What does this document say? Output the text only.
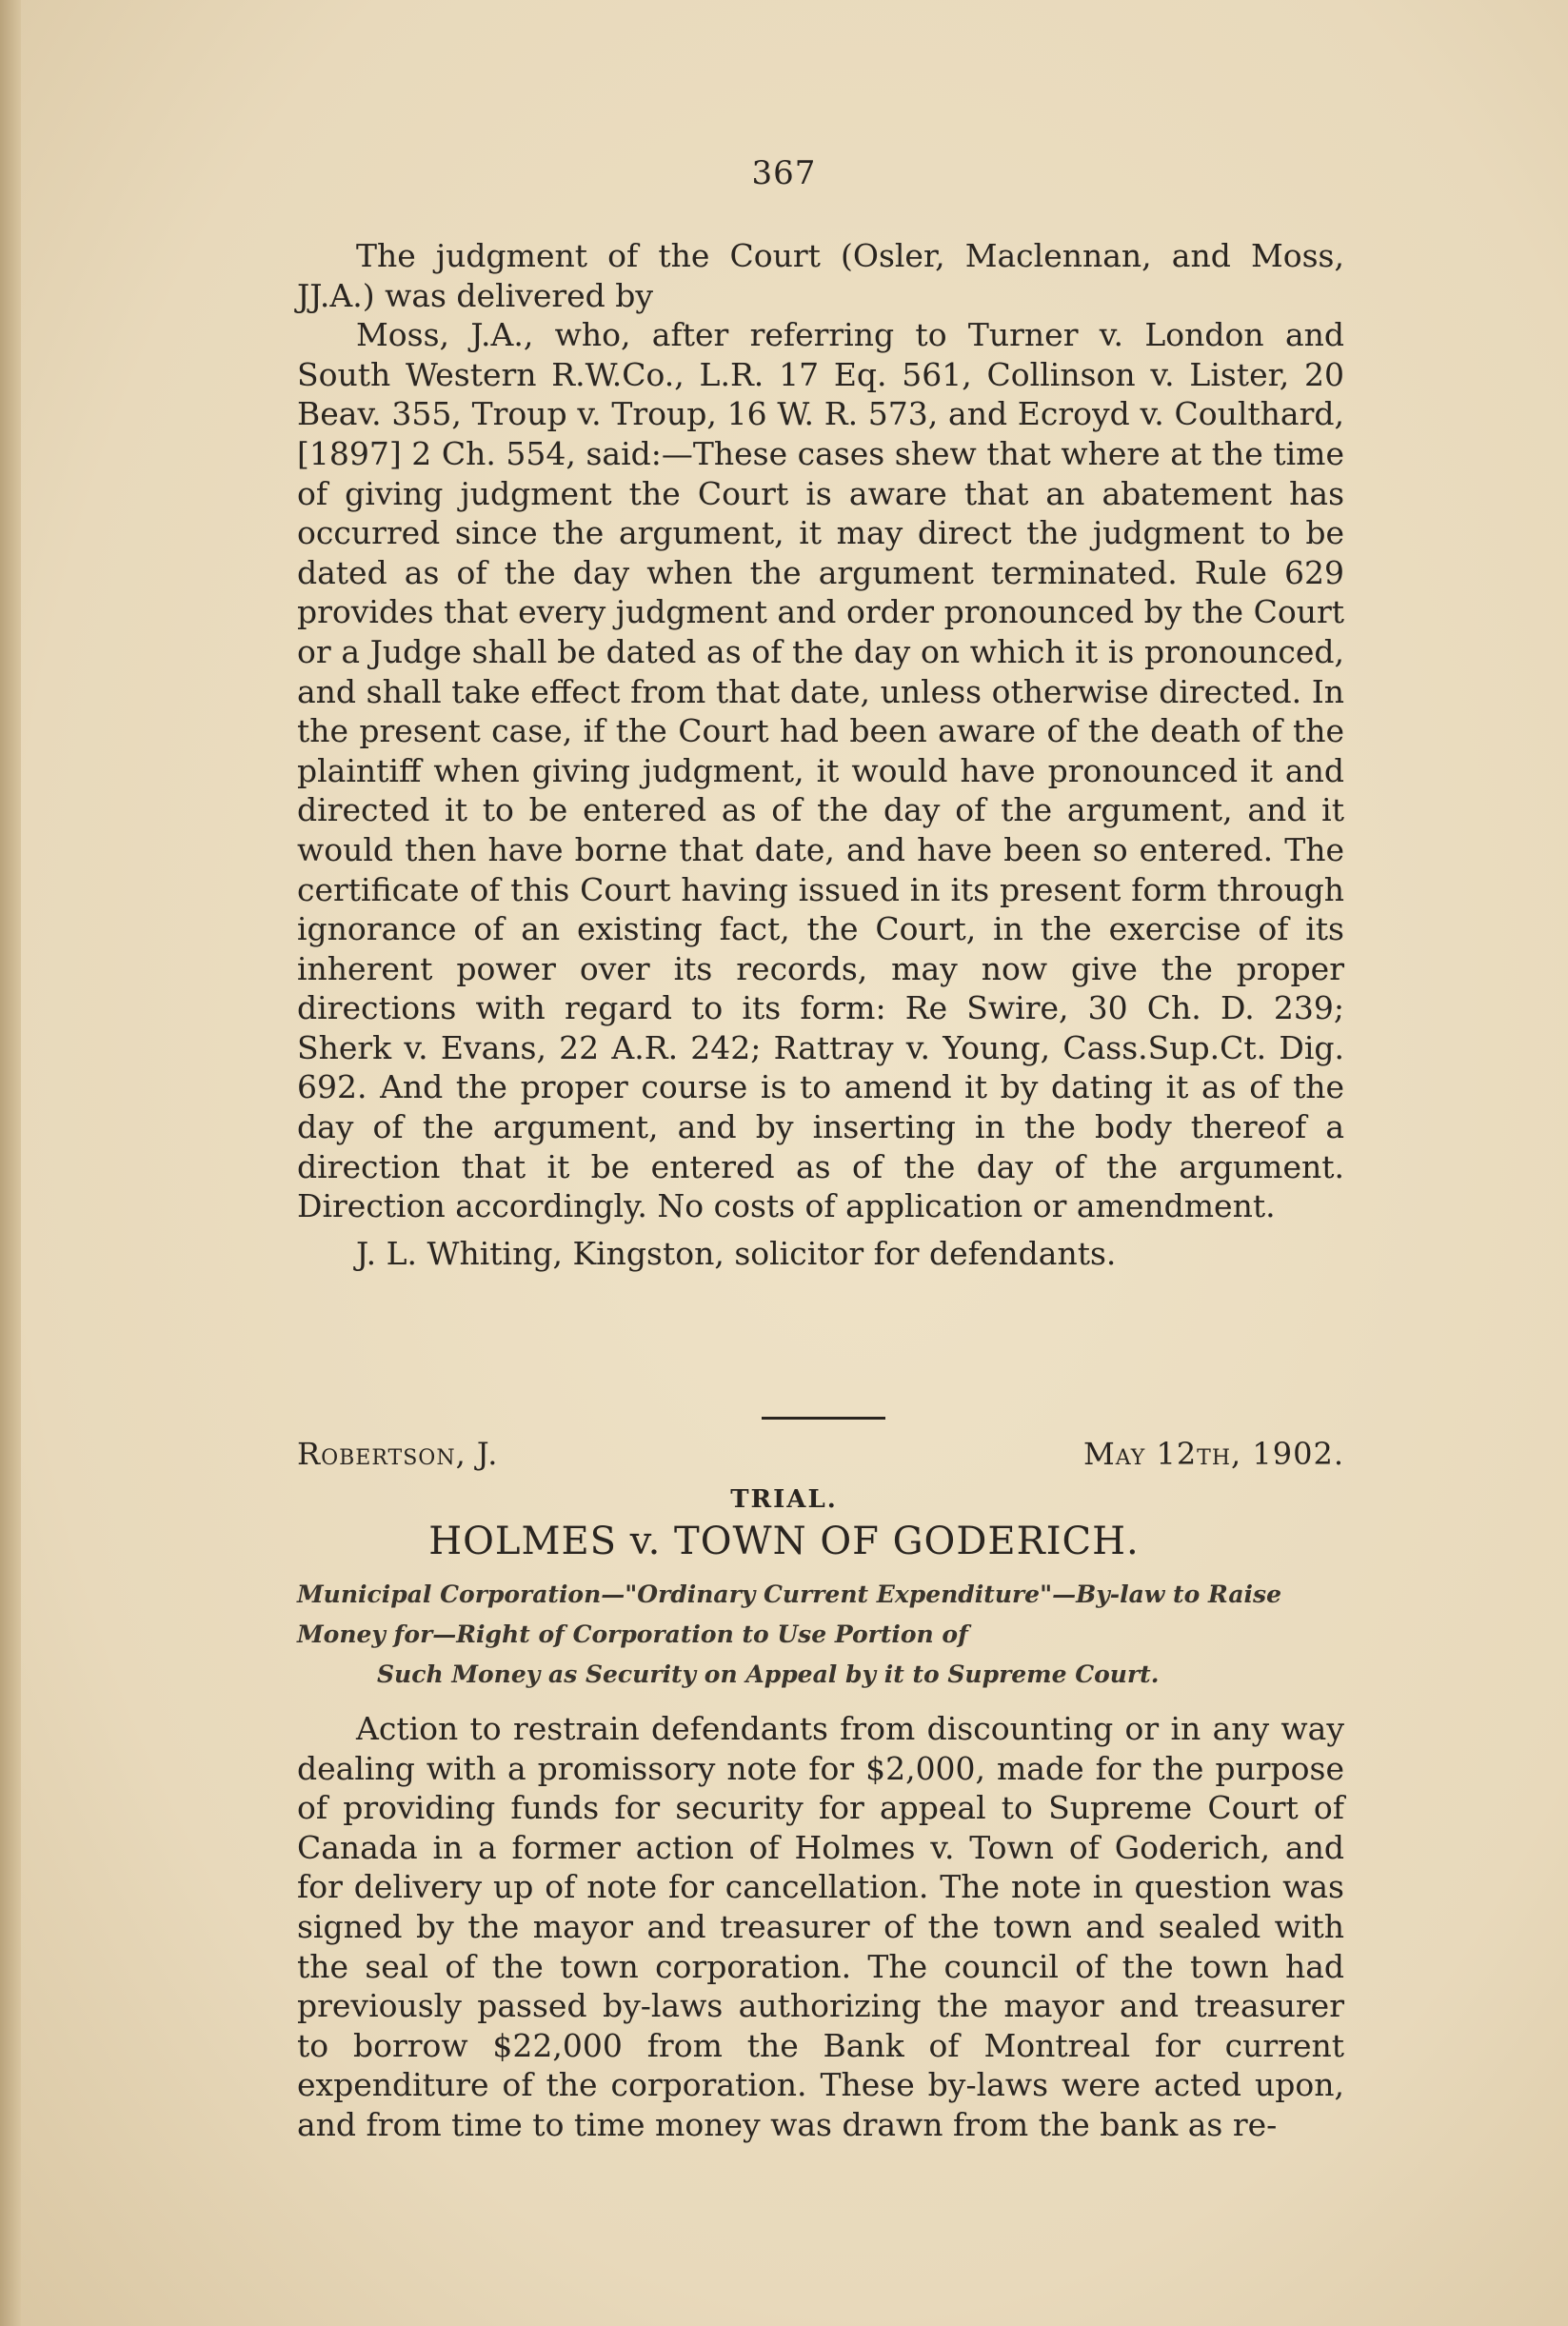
367

The judgment of the Court (Osler, Maclennan, and Moss, JJ.A.) was delivered by

Moss, J.A., who, after referring to Turner v. London and South Western R.W.Co., L.R. 17 Eq. 561, Collinson v. Lister, 20 Beav. 355, Troup v. Troup, 16 W. R. 573, and Ecroyd v. Coulthard, [1897] 2 Ch. 554, said:—These cases shew that where at the time of giving judgment the Court is aware that an abatement has occurred since the argument, it may direct the judgment to be dated as of the day when the argument terminated. Rule 629 provides that every judgment and order pronounced by the Court or a Judge shall be dated as of the day on which it is pronounced, and shall take effect from that date, unless otherwise directed. In the present case, if the Court had been aware of the death of the plaintiff when giving judgment, it would have pronounced it and directed it to be entered as of the day of the argument, and it would then have borne that date, and have been so entered. The certificate of this Court having issued in its present form through ignorance of an existing fact, the Court, in the exercise of its inherent power over its records, may now give the proper directions with regard to its form: Re Swire, 30 Ch. D. 239; Sherk v. Evans, 22 A.R. 242; Rattray v. Young, Cass.Sup.Ct. Dig. 692. And the proper course is to amend it by dating it as of the day of the argument, and by inserting in the body thereof a direction that it be entered as of the day of the argument. Direction accordingly. No costs of application or amendment.

J. L. Whiting, Kingston, solicitor for defendants.

Robertson, J.	May 12th, 1902.
TRIAL.
HOLMES v. TOWN OF GODERICH.
Municipal Corporation—"Ordinary Current Expenditure"—By-law to Raise Money for—Right of Corporation to Use Portion of
Such Money as Security on Appeal by it to Supreme Court.

Action to restrain defendants from discounting or in any way dealing with a promissory note for $2,000, made for the purpose of providing funds for security for appeal to Supreme Court of Canada in a former action of Holmes v. Town of Goderich, and for delivery up of note for cancellation. The note in question was signed by the mayor and treasurer of the town and sealed with the seal of the town corporation. The council of the town had previously passed by-laws authorizing the mayor and treasurer to borrow $22,000 from the Bank of Montreal for current expenditure of the corporation. These by-laws were acted upon, and from time to time money was drawn from the bank as re-
